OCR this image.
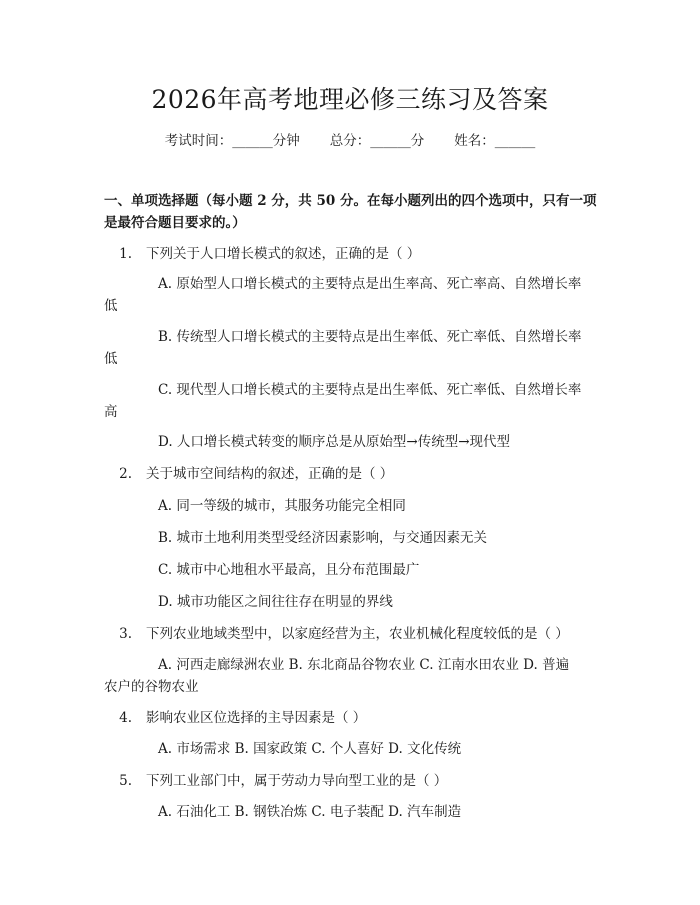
2026年高考地理必修三练习及答案
考试时间：______分钟 总分：______分 姓名：______
一、单项选择题（每小题 2 分，共 50 分。在每小题列出的四个选项中，只有一项
是最符合题目要求的。）
1. 下列关于人口增长模式的叙述，正确的是（ ）
A. 原始型人口增长模式的主要特点是出生率高、死亡率高、自然增长率
低
B. 传统型人口增长模式的主要特点是出生率低、死亡率低、自然增长率
低
C. 现代型人口增长模式的主要特点是出生率低、死亡率低、自然增长率
高
D. 人口增长模式转变的顺序总是从原始型→传统型→现代型
2. 关于城市空间结构的叙述，正确的是（ ）
A. 同一等级的城市，其服务功能完全相同
B. 城市土地利用类型受经济因素影响，与交通因素无关
C. 城市中心地租水平最高，且分布范围最广
D. 城市功能区之间往往存在明显的界线
3. 下列农业地域类型中，以家庭经营为主，农业机械化程度较低的是（ ）
A. 河西走廊绿洲农业 B. 东北商品谷物农业 C. 江南水田农业 D. 普遍
农户的谷物农业
4. 影响农业区位选择的主导因素是（ ）
A. 市场需求 B. 国家政策 C. 个人喜好 D. 文化传统
5. 下列工业部门中，属于劳动力导向型工业的是（ ）
A. 石油化工 B. 钢铁冶炼 C. 电子装配 D. 汽车制造
